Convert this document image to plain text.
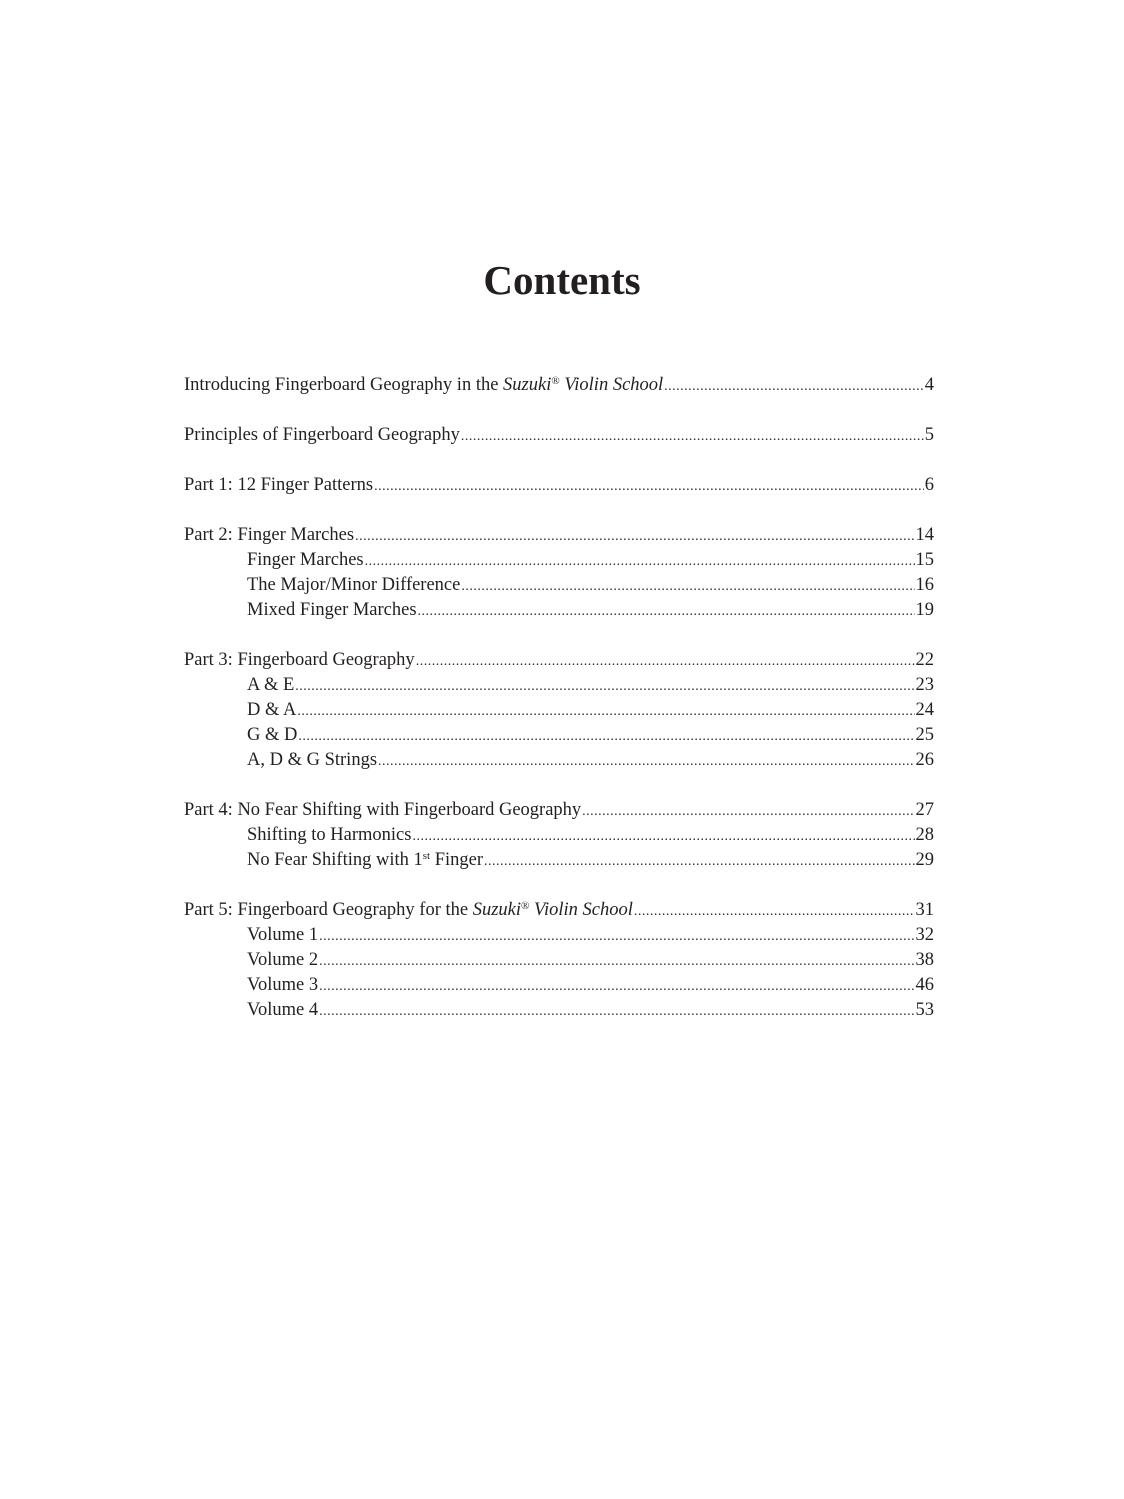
Contents
Introducing Fingerboard Geography in the Suzuki® Violin School .....	4
Principles of Fingerboard Geography .....	5
Part 1: 12 Finger Patterns .....	6
Part 2: Finger Marches .....	14
Finger Marches .....	15
The Major/Minor Difference .....	16
Mixed Finger Marches .....	19
Part 3: Fingerboard Geography .....	22
A & E .....	23
D & A .....	24
G & D .....	25
A, D & G Strings .....	26
Part 4: No Fear Shifting with Fingerboard Geography .....	27
Shifting to Harmonics .....	28
No Fear Shifting with 1st Finger .....	29
Part 5: Fingerboard Geography for the Suzuki® Violin School .....	31
Volume 1 .....	32
Volume 2 .....	38
Volume 3 .....	46
Volume 4 .....	53
